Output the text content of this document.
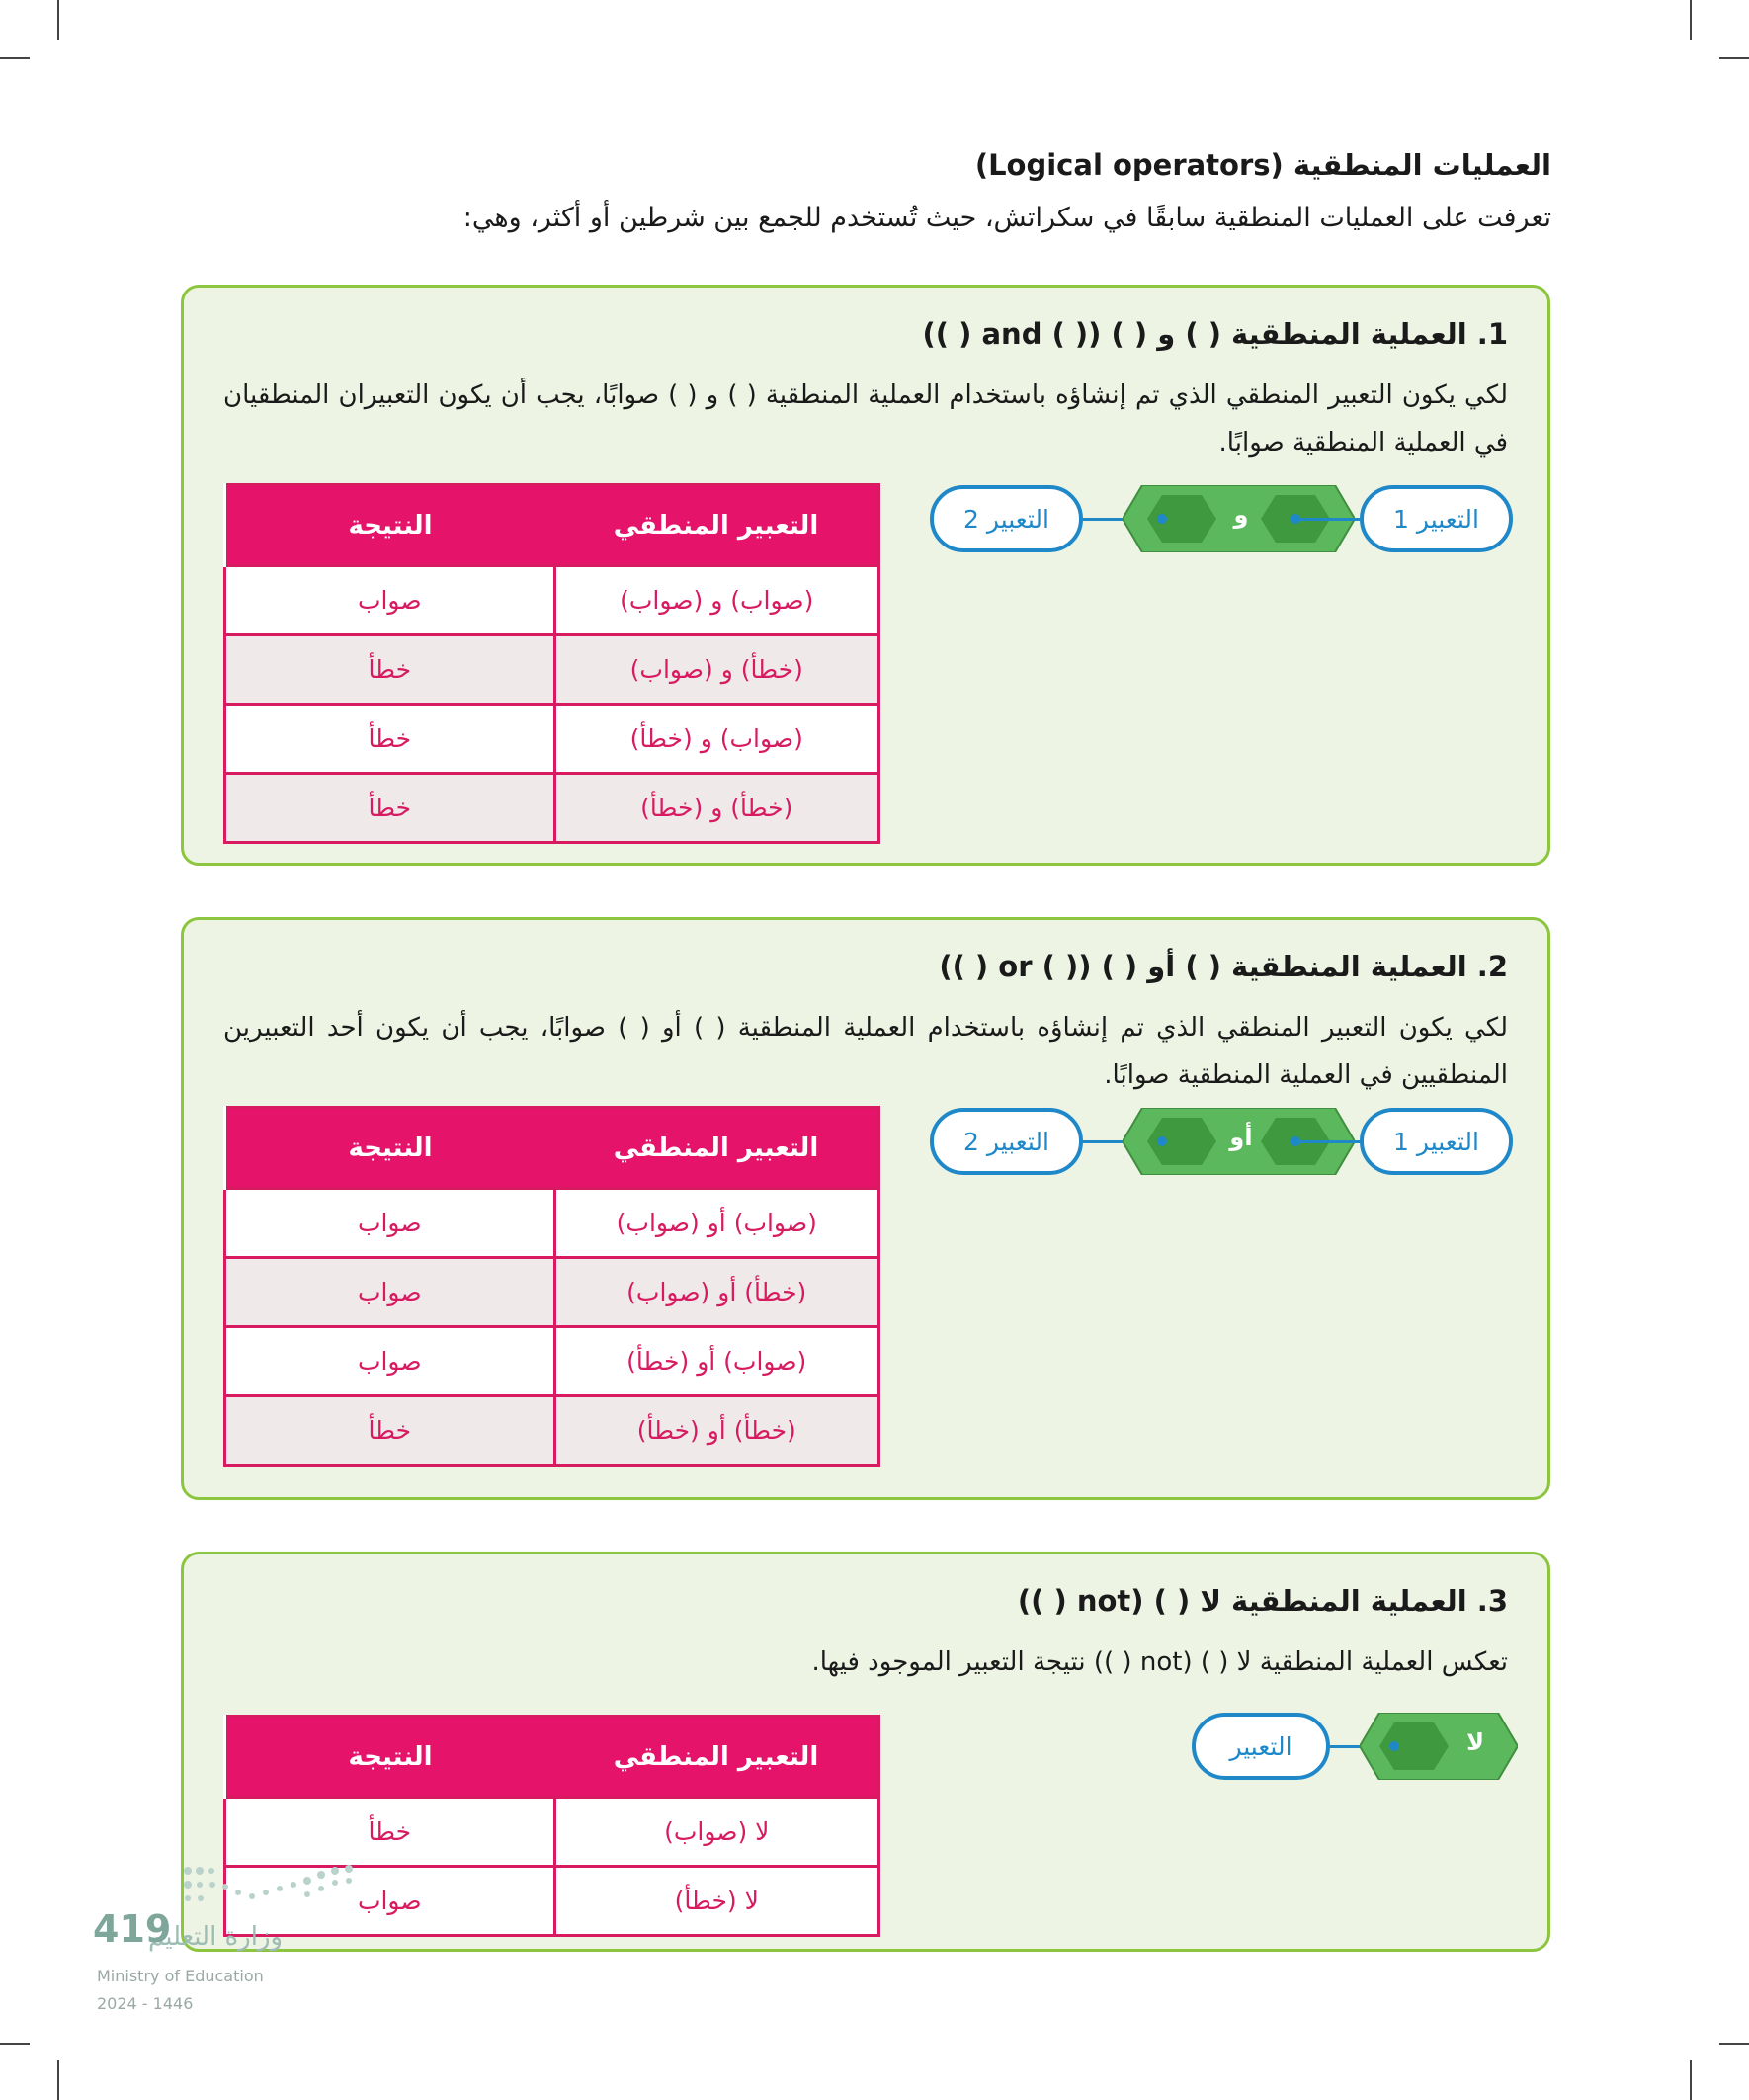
العمليات المنطقية (Logical operators)
تعرفت على العمليات المنطقية سابقًا في سكراتش، حيث تُستخدم للجمع بين شرطين أو أكثر، وهي:
1. العملية المنطقية ( ) و ( ) (( ) and ( ))
لكي يكون التعبير المنطقي الذي تم إنشاؤه باستخدام العملية المنطقية ( ) و ( ) صوابًا، يجب أن يكون التعبيران المنطقيان في العملية المنطقية صوابًا.
التعبير 2	و	التعبير 1
النتيجة	التعبير المنطقي
صواب	(صواب) و (صواب)
خطأ	(خطأ) و (صواب)
خطأ	(صواب) و (خطأ)
خطأ	(خطأ) و (خطأ)
2. العملية المنطقية ( ) أو ( ) (( ) or ( ))
لكي يكون التعبير المنطقي الذي تم إنشاؤه باستخدام العملية المنطقية ( ) أو ( ) صوابًا، يجب أن يكون أحد التعبيرين المنطقيين في العملية المنطقية صوابًا.
التعبير 2	أو	التعبير 1
النتيجة	التعبير المنطقي
صواب	(صواب) أو (صواب)
صواب	(خطأ) أو (صواب)
صواب	(صواب) أو (خطأ)
خطأ	(خطأ) أو (خطأ)
3. العملية المنطقية لا ( ) (not ( ))
تعكس العملية المنطقية لا ( ) (not ( )) نتيجة التعبير الموجود فيها.
التعبير	لا
النتيجة	التعبير المنطقي
خطأ	لا (صواب)
صواب	لا (خطأ)
وزارة التعليم
419
Ministry of Education
2024 - 1446
